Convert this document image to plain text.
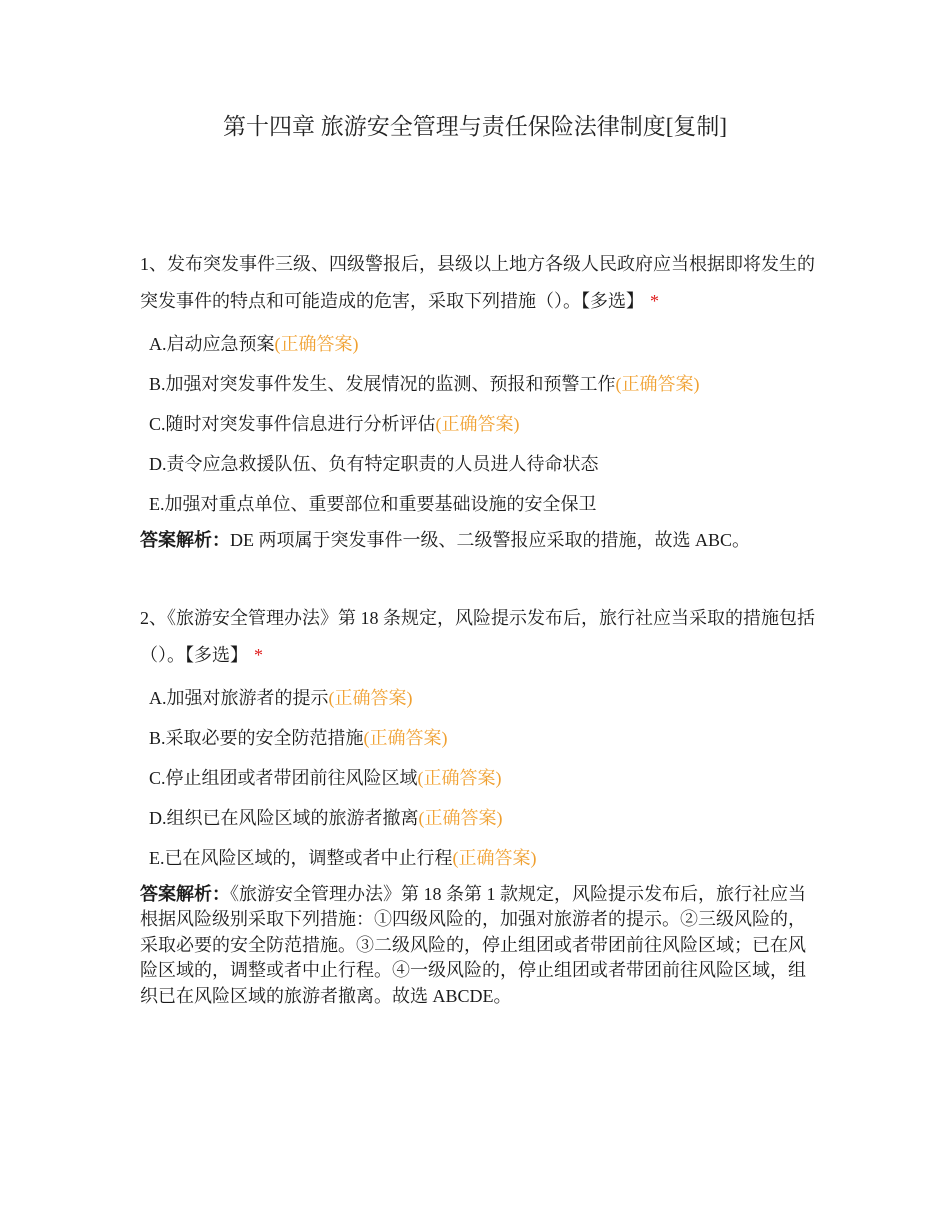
第十四章 旅游安全管理与责任保险法律制度[复制]
1、发布突发事件三级、四级警报后，县级以上地方各级人民政府应当根据即将发生的突发事件的特点和可能造成的危害，采取下列措施（）。【多选】 *
A.启动应急预案(正确答案)
B.加强对突发事件发生、发展情况的监测、预报和预警工作(正确答案)
C.随时对突发事件信息进行分析评估(正确答案)
D.责令应急救援队伍、负有特定职责的人员进人待命状态
E.加强对重点单位、重要部位和重要基础设施的安全保卫
答案解析：DE 两项属于突发事件一级、二级警报应采取的措施，故选 ABC。
2、《旅游安全管理办法》第 18 条规定，风险提示发布后，旅行社应当采取的措施包括（）。【多选】 *
A.加强对旅游者的提示(正确答案)
B.采取必要的安全防范措施(正确答案)
C.停止组团或者带团前往风险区域(正确答案)
D.组织已在风险区域的旅游者撤离(正确答案)
E.已在风险区域的，调整或者中止行程(正确答案)
答案解析：《旅游安全管理办法》第 18 条第 1 款规定，风险提示发布后，旅行社应当根据风险级别采取下列措施：①四级风险的，加强对旅游者的提示。②三级风险的，采取必要的安全防范措施。③二级风险的，停止组团或者带团前往风险区域；已在风险区域的，调整或者中止行程。④一级风险的，停止组团或者带团前往风险区域，组织已在风险区域的旅游者撤离。故选 ABCDE。
